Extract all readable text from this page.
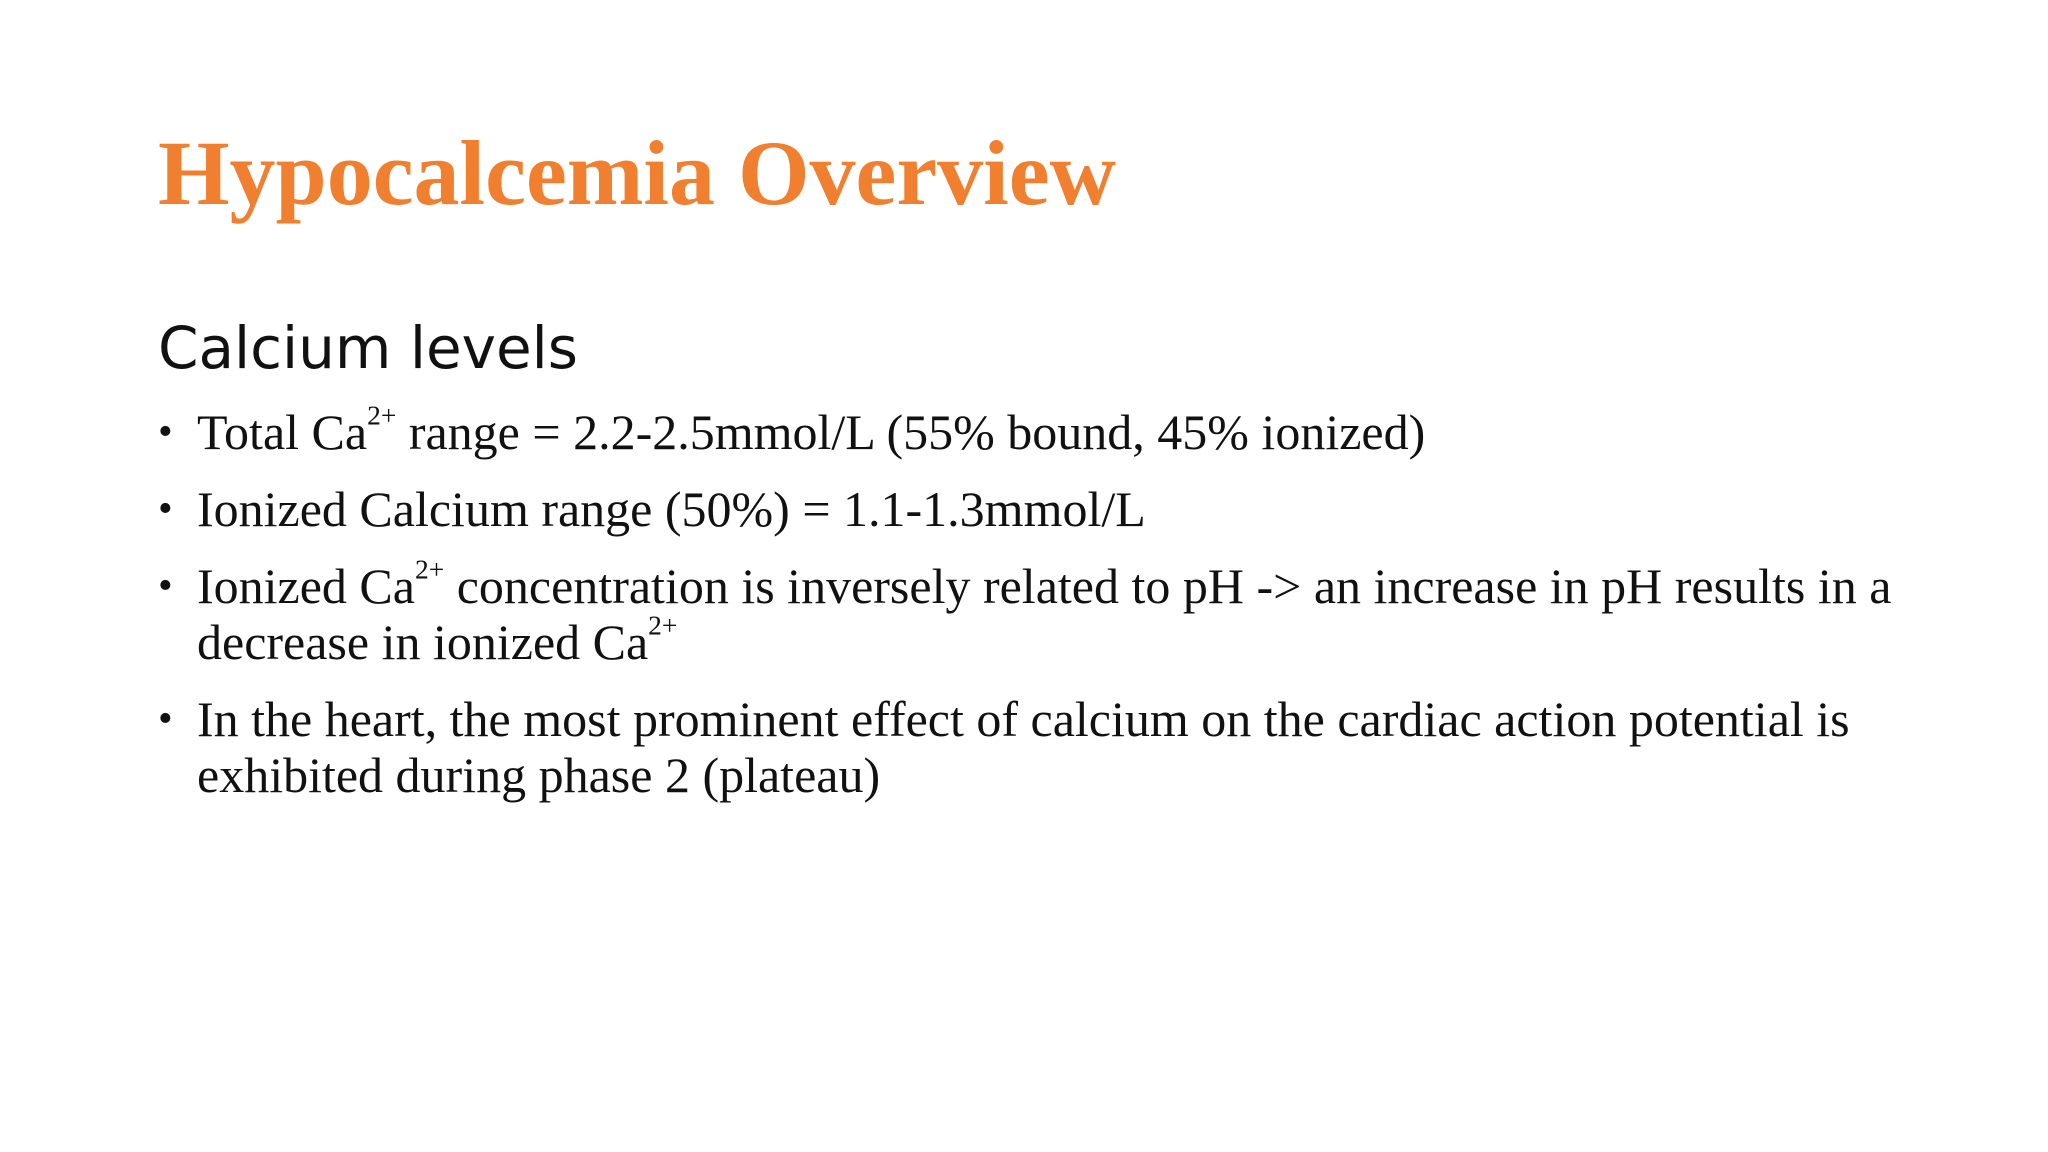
Hypocalcemia Overview
Calcium levels
• Total $Ca^{2+}$ range = 2.2-2.5mmol/L (55% bound, 45% ionized)
• Ionized Calcium range (50%) = 1.1-1.3mmol/L
• Ionized $Ca^{2+}$ concentration is inversely related to pH -> an increase in pH results in a decrease in ionized $Ca^{2+}$
• In the heart, the most prominent effect of calcium on the cardiac action potential is exhibited during phase 2 (plateau)
